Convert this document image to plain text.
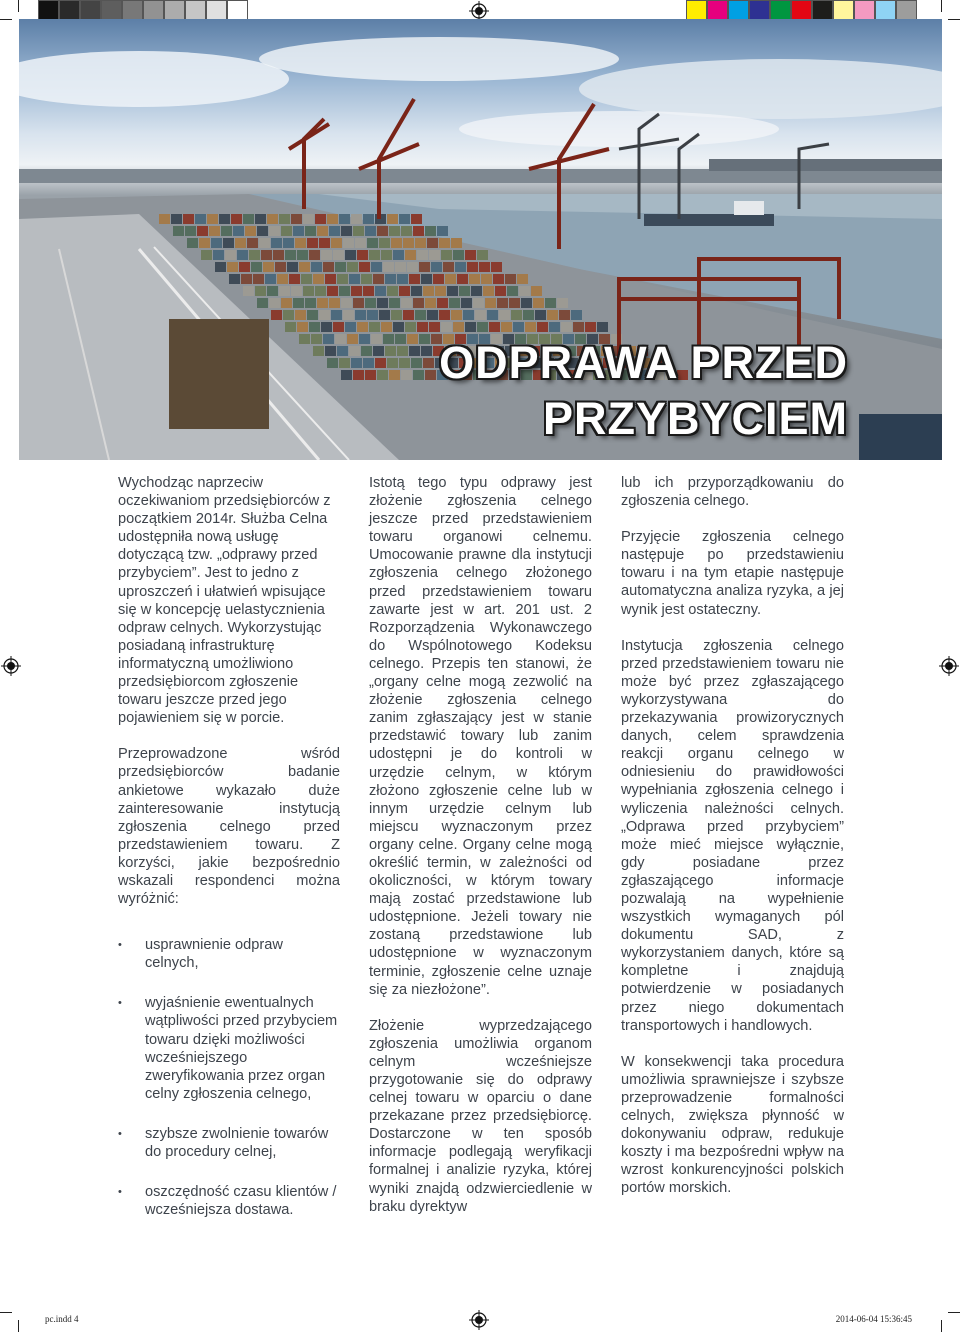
ODPRAWA PRZED
PRZYBYCIEM

Wychodząc naprzeciw oczekiwaniom przedsiębiorców z początkiem 2014r. Służba Celna udostępniła nową usługę dotyczącą tzw. „odprawy przed przybyciem”. Jest to jedno z uproszczeń i ułatwień wpisujące się w koncepcję uelastycznienia odpraw celnych. Wykorzystując posiadaną infrastrukturę informatyczną umożliwiono przedsiębiorcom zgłoszenie towaru jeszcze przed jego pojawieniem się w porcie.

Przeprowadzone wśród przedsiębiorców badanie ankietowe wykazało duże zainteresowanie instytucją zgłoszenia celnego przed przedstawieniem towaru. Z korzyści, jakie bezpośrednio wskazali respondenci można wyróżnić:

• usprawnienie odpraw celnych,
• wyjaśnienie ewentualnych wątpliwości przed przybyciem towaru dzięki możliwości wcześniejszego zweryfikowania przez organ celny zgłoszenia celnego,
• szybsze zwolnienie towarów do procedury celnej,
• oszczędność czasu klientów / wcześniejsza dostawa.

Istotą tego typu odprawy jest złożenie zgłoszenia celnego jeszcze przed przedstawieniem towaru organowi celnemu. Umocowanie prawne dla instytucji zgłoszenia celnego złożonego przed przedstawieniem towaru zawarte jest w art. 201 ust. 2 Rozporządzenia Wykonawczego do Wspólnotowego Kodeksu celnego. Przepis ten stanowi, że „organy celne mogą zezwolić na złożenie zgłoszenia celnego zanim zgłaszający jest w stanie przedstawić towary lub zanim udostępni je do kontroli w urzędzie celnym, w którym złożono zgłoszenie celne lub w innym urzędzie celnym lub miejscu wyznaczonym przez organy celne. Organy celne mogą określić termin, w zależności od okoliczności, w którym towary mają zostać przedstawione lub udostępnione. Jeżeli towary nie zostaną przedstawione lub udostępnione w wyznaczonym terminie, zgłoszenie celne uznaje się za niezłożone”.

Złożenie wyprzedzającego zgłoszenia umożliwia organom celnym wcześniejsze przygotowanie się do odprawy celnej towaru w oparciu o dane przekazane przez przedsiębiorcę. Dostarczone w ten sposób informacje podlegają weryfikacji formalnej i analizie ryzyka, której wyniki znajdą odzwierciedlenie w braku dyrektyw

lub ich przyporządkowaniu do zgłoszenia celnego.

Przyjęcie zgłoszenia celnego następuje po przedstawieniu towaru i na tym etapie następuje automatyczna analiza ryzyka, a jej wynik jest ostateczny.

Instytucja zgłoszenia celnego przed przedstawieniem towaru nie może być przez zgłaszającego wykorzystywana do przekazywania prowizorycznych danych, celem sprawdzenia reakcji organu celnego w odniesieniu do prawidłowości wypełniania zgłoszenia celnego i wyliczenia należności celnych. „Odprawa przed przybyciem” może mieć miejsce wyłącznie, gdy posiadane przez zgłaszającego informacje pozwalają na wypełnienie wszystkich wymaganych pól dokumentu SAD, z wykorzystaniem danych, które są kompletne i znajdują potwierdzenie w posiadanych przez niego dokumentach transportowych i handlowych.

W konsekwencji taka procedura umożliwia sprawniejsze i szybsze przeprowadzenie formalności celnych, zwiększa płynność w dokonywaniu odpraw, redukuje koszty i ma bezpośredni wpływ na wzrost konkurencyjności polskich portów morskich.

pc.indd 4	2014-06-04 15:36:45
